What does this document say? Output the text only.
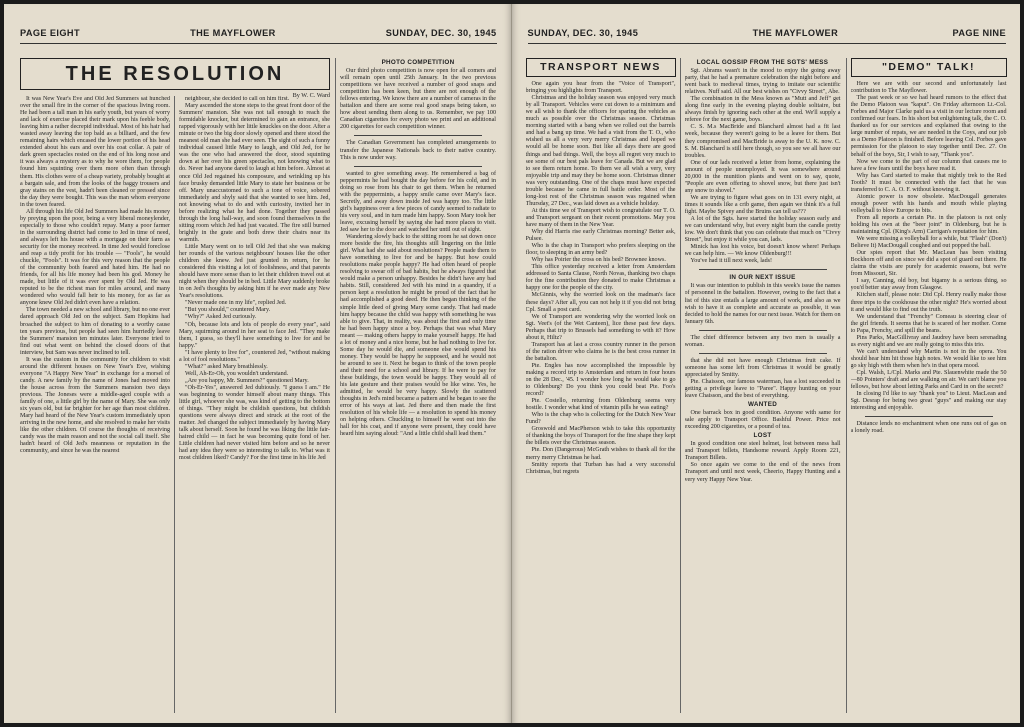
PAGE EIGHT	THE MAYFLOWER	SUNDAY, DEC. 30, 1945
THE RESOLUTION
By W. C. Ward

It was New Year's Eve and Old Jed Summers sat hunched over the small fire in the corner of the spacious living room. He had been a tall man in his early youth, but years of worry and lack of exercise placed their mark upon his feeble body, leaving him a rather decrepid individual. Most of his hair had wasted away leaving the top bald as a billiard, and the few remaining hairs which encased the lower portion of his head extended about his ears and over his coat collar. A pair of dark green spectacles rested on the end of his long nose and it was always a mystery as to why he wore them, for people found him squinting over them more often than through them. His clothes were of a cheap variety, probably bought at a bargain sale, and from the looks of the baggy trousers and gray stains on the vest, hadn't been cleaned or pressed since the day they were bought. This was the man whom everyone in the town feared.

All through his life Old Jed Summers had made his money by preying upon the poor, being a very liberal moneylender, especially to those who couldn't repay. Many a poor farmer in the surrounding district had come to Jed in time of need, and always left his house with a mortgage on their farm as security for the money received. In time Jed would foreclose and reap a tidy profit for his trouble — "Fools", he would chuckle, "Fools". It was for this very reason that the people of the community both feared and hated him. He had no friends, for all his life money had been his god. Money he made, but little of it was ever spent by Old Jed. He was reputed to be the richest man for miles around, and many wondered who would fall heir to his money, for as far as anyone knew Old Jed didn't even have a relation.

The town needed a new school and library, but no one ever dared approach Old Jed on the subject. Sam Hopkins had broached the subject to him of donating to a worthy cause ten years previous, but people had seen him hurriedly leave the Summers' mansion ten minutes later. Everyone tried to find out what went on behind the closed doors of that interview, but Sam was never inclined to tell.

It was the custom in the community for children to visit around the different houses on New Year's Eve, wishing everyone "A Happy New Year" in exchange for a morsel of candy. A new family by the name of Jones had moved into the house across from the Summers mansion two days previous. The Joneses were a middle-aged couple with a family of one, a little girl by the name of Mary. She was only six years old, but far brighter for her age than most children. Mary had heard of the New Year's custom immediately upon arriving in the new home, and she resolved to make her visits like the other children. Of course the thoughts of receiving candy was the main reason and not the social call itself. She hadn't heard of Old Jed's meanness or reputation in the community, and since he was the nearest

neighbour, she decided to call on him first.

Mary ascended the stone steps to the great front door of the Summers' mansion. She was not tall enough to reach the formidable knocker, but determined to gain an entrance, she rapped vigorously with her little knuckles on the door. After a minute or two the big door slowly opened and there stood the meanest old man she had ever seen. The sight of such a funny individual caused little Mary to laugh, and Old Jed, for he was the one who had answered the door, stood squinting down at her over his green spectacles, not knowing what to do. Never had anyone dared to laugh at him before. Almost at once Old Jed regained his composure, and wrinkling up his face brusky demanded little Mary to state her business or be off. Mary unaccustomed to such a tone of voice, sobered immediately and shyly said that she wanted to see him. Jed, not knowing what to do and with curiosity, invited her in before realizing what he had done. Together they passed through the long hall-way, and soon found themselves in the sitting room which Jed had just vacated. The fire still burned brightly in the grate and both drew their chairs near its warmth.

Little Mary went on to tell Old Jed that she was making her rounds of the various neighbours' houses like the other children she knew. Jed just grunted in return, for he considered this visiting a lot of foolishness, and that parents should have more sense than to let their children travel out at night when they should be in bed. Little Mary suddenly broke in on Jed's thoughts by asking him if he ever made any New Year's resolutions.

"Never made one in my life", replied Jed.

"But you should," countered Mary.

"Why?" Asked Jed curiously.

"Oh, because lots and lots of people do every year", said Mary, squirming around in her seat to face Jed. "They make them, I guess, so they'll have something to live for and be happy."

"I have plenty to live for", countered Jed, "without making a lot of fool resolutions."

"What?" asked Mary breathlessly.

Well, Ah-Er-Oh, you wouldn't understand.

„Are you happy, Mr. Summers?" questioned Mary.

"Oh-Er-Yes", answered Jed dubiously. "I guess I am." He was beginning to wonder himself about many things. This little girl, whoever she was, was kind of getting to the bottom of things. "They might be childish questions, but childish questions were always direct and struck at the root of the matter. Jed changed the subject immediately by having Mary talk about herself. Soon he found he was liking the little fair-haired child — in fact he was becoming quite fond of her. Little children had never visited him before and so he never had any idea they were so interesting to talk to. What was it most children liked? Candy? For the first time in his life Jed

PHOTO COMPETITION

Our third photo competition is now open for all comers and will remain open until 25th January. In the two previous competitions we have received a number of good snaps and competition has been keen, but there are not enough of the fellows entering. We know there are a number of cameras in the battalion and there are some real good snaps being taken, so how about sending them along to us. Remember, we pay 100 Canadian cigarettes for every photo we print and an additional 200 cigarettes for each competition winner.

The Canadian Government has completed arrangements to transfer the Japanese Nationals back to their native country. This is now under way.

wanted to give something away. He remembered a bag of peppermints he had bought the day before for his cold, and in doing so rose from his chair to get them. When he returned with the peppermints, a happy smile came over Mary's face. Secretly, and away down inside Jed was happy too. The little girl's happiness over a few pieces of candy seemed to radiate to his very soul, and in turn made him happy. Soon Mary took her leave, excusing herself by saying she had more places to visit. Jed saw her to the door and watched her until out of sight.

Wandering slowly back to the sitting room he sat down once more beside the fire, his thoughts still lingering on the little girl. What had she said about resolutions? People made them to have something to live for and be happy. But how could resolutions make people happy? He had often heard of people resolving to swear off of bad habits, but he always figured that would make a person unhappy. Besides he didn't have any bad habits. Still, considered Jed with his mind in a quandry, if a person kept a resolution he might be proud of the fact that he had accomplished a good deed. He then began thinking of the simple little deed of giving Mary some candy. That had made him happy because the child was happy with something he was able to give. That, in reality, was about the first and only time he had been happy since a boy. Perhaps that was what Mary meant — making others happy to make yourself happy. He had a lot of money and a nice home, but he had nothing to live for. Some day he would die, and someone else would spend his money. They would be happy he supposed, and he would not be around to see it. Next he began to think of the town people and their need for a school and library. If he were to pay for these buildings, the town would be happy. They would all of his late gesture and their praises would be like wine. Yes, he admitted, he would be very happy. Slowly the scattered thoughts in Jed's mind became a pattern and he began to see the error of his ways at last. Jed there and then made the first resolution of his whole life — a resolution to spend his money on helping others. Chuckling to himself he went out into the hall for his coat, and if anyone were present, they could have heard him saying aloud: "And a little child shall lead them."

SUNDAY, DEC. 30, 1945	THE MAYFLOWER	PAGE NINE
TRANSPORT NEWS

One again you hear from the "Voice of Transport", bringing you highlights from Transport.

Christmas and the holiday season was enjoyed very much by all Transport. Vehicles were cut down to a minimum and we all wish to thank the officers for sparing the vehicles as much as possible over the Christmas season. Christmas morning started with a bang when we rolled out the barrels and had a bang up time. We had a visit from the T. O., who wished us all a very very merry Christmas and hoped we would all be home soon. But like all days there are good things and bad things. Well, the boys all regret very much to see some of our best pals leave for Canada. But we are glad to see them return home. To them we all wish a very, very enjoyable trip and may they be home soon. Christmas dinner was very outstanding. One of the chaps must have expected trouble because he came in full battle order. Most of the long-lost rest of the Christmas season was regained when Thursday, 27 Dec., was laid down as a vehicle holiday.

At this time we of Transport wish to congratulate our T. O. and Transport sergeant on their recent promotions. May you have many of them in the New Year.

Why did Harris rise early Christmas morning? Better ask, Pulsee.

Who is the chap in Transport who prefers sleeping on the floor, to sleeping in an army bed?

Why has Poirier the cross on his bed? Brownee knows.

This office yesterday received a letter from Amsterdam addressed to Santa Clause, North Novas, thanking two chaps for the fine contribution they donated to make Christmas a happy one for the people of the city.

McGinnis, why the worried look on the madman's face these days? After all, you can not help it if you did not bring Cpl. Small a post card.

We of Transport are wondering why the worried look on Sgt. Veet's (of the Wet Canteen), lice these past few days. Perhaps that trip to Brussels had something to with it? How about it, Hiltz?

Transport has at last a cross country runner in the person of the ration driver who claims he is the best cross runner in the battalion.

Pte. Engles has now accomplished the impossible by making a record trip to Amsterdam and return in four hours on the 28 Dec., '45. I wonder how long he would take to go to Oldenburg? Do you think you could beat Pte. Foo's record?

Pte. Costello, returning from Oldenburg seems very hostile. I wonder what kind of vitamin pills he was eating?

Who is the chap who is collecting for the Dutch New Year Fund?

Groswold and MacPherson wish to take this opportunity of thanking the boys of Transport for the fine shape they kept the billets over the Christmas season.

Pte. Don (Dangerous) McGrath wishes to thank all for the merry merry Christmas he had.

Smitty reports that Turban has had a very successful Christmas, but regrets

LOCAL GOSSIP FROM THE SGTS' MESS

Sgt. Abrams wasn't in the mood to enjoy the going away party, that he had a premature celebration the night before and went back to medieval times, trying to imitate our scientific relatives. Nuff said. All our best wishes on "Civvy Street", Abe.

The combination in the Mess known as "Mutt and Jeff" get along fine early in the evening playing double solitaire, but always finish by ignoring each other at the end. We'll supply a referee for the next game, boys.

C. S. M.s MacBride and Blanchard almost had a fit last week, because they weren't going to be a leave for them. But they compromised and MacBride is away to the U. K. now. C. S. M. Blanchard is still here though, so you see we all have our troubles.

One of our lads received a letter from home, explaining the amount of people unemployed. It was somewhere around 20,000 in the munition plants and went on to say, quote, "People are even offering to shovel snow, but there just isn't any snow to shovel."

We are trying to figure what goes on in 131 every night, at times it sounds like a crib game, then again we think it's a full fight. Maybe Spivey and the Bruins can tell us???

A lot of the Sgts. have started the holiday season early and we can understand why, but every night burn the candle pretty low. We don't think that you can celebrate that much on "Civvy Street", but enjoy it while you can, lads.

Minick has lost his voice, but doesn't know where! Perhaps we can help him. — We know Oldenburg!!!

You've had it till next week, lads!

IN OUR NEXT ISSUE

It was our intention to publish in this week's issue the names of personnel in the battalion. However, owing to the fact that a list of this size entails a large amount of work, and also as we wish to have it as complete and accurate as possible, it was decided to hold the names for our next issue. Watch for them on January 6th.

The chief difference between any two men is usually a woman.

that she did not have enough Christmas fruit cake. If someone has some left from Christmas it would be greatly appreciated by Smitty.

Pte. Chaisson, our famous waterman, has a lost succeeded in getting a privilege leave to "Paree". Happy hunting on your leave Chaisson, and the best of everything.

WANTED

One barrack box in good condition. Anyone with same for sale apply to Transport Office. Bashful Power. Price not exceeding 200 cigarettes, or a pound of tea.

LOST

In good condition one steel helmet, lost between mess hall and Transport billets, Handsome reward. Apply Room 221, Transport Billets.

So once again we come to the end of the news from Transport and until next week, Cheerio, Happy Hunting and a very very Happy New Year.

"DEMO" TALK!

Here we are with our second and unfortunately last contribution to The Mayflower.

The past week or so we had heard rumors to the effect that the Demo Platoon was "kaput". On Friday afternoon Lt.-Col. Forbes and Major Clarke paid us a visit in our lecture room and confirmed our fears. In his short but enlightening talk, the C. O. thanked us for our services and explained that owing to the large number of repats, we are needed in the Coys, and our job as a Demo Platoon is finished. Before leaving Col. Forbes gave permission for the platoon to stay together until Dec. 27. On behalf of the boys, Sir, I wish to say, "Thank you".

Now we come to the part of our column that causes me to have a few fears until the boys have read it.

Why has Card started to make that nightly trek to the Red Tooth? It must be connected with the fact that he was transferred to C. A. O. F. without knowing it.

Atomic power is now obsolete. MacDougall generates enough power with his hands and mouth while playing volleyball to blow Europe to bits.

From all reports a certain Pte. in the platoon is not only holding his own at the "beer joint" in Oldenburg, but he is maintaining Cpl. (King's Arm) Carrigan's reputation for him.

We were missing a volleyball for a while, but "Flash" (Don't) Believe It) MacDougall coughed and out popped the ball.

Our spies report that Mr. MacLean has been visiting Bockhorn off and on since we did a spot of guard out there. He claims the visits are purely for academic reasons, but we're from Missouri, Sir.

I say, Canning, old boy, but bigamy is a serious thing, so you'd better stay away from Glasgow.

Kitchen staff, please note: Did Cpl. Henry really make those three trips to the cookhouse the other night? He's worried about it and would like to find out the truth.

We understand that "Frenchy" Comeau is steering clear of the girl friends. It seems that he is scared of her mother. Come to Papa, Frenchy, and spill the beans.

Pins Parks, MacGillivray and Jaudrey have been serenading us every night and we are really going to miss this trio.

We can't understand why Martin is not in the opera. You should hear him hit those high notes. We would like to see him go sky high with them when he's in that opera mood.

Cpl. Walsh, L/Cpl. Marks and Pte. Slauenwhite made the 50—80 Pointers' draft and are walking on air. We can't blame you fellows, but how about letting Parks and Card in on the secret?

In closing I'd like to say "thank you" to Lieut. MacLean and Sgt. Desrap for being two great "guys" and making our stay interesting and enjoyable.

Distance lends no enchantment when one runs out of gas on a lonely road.
